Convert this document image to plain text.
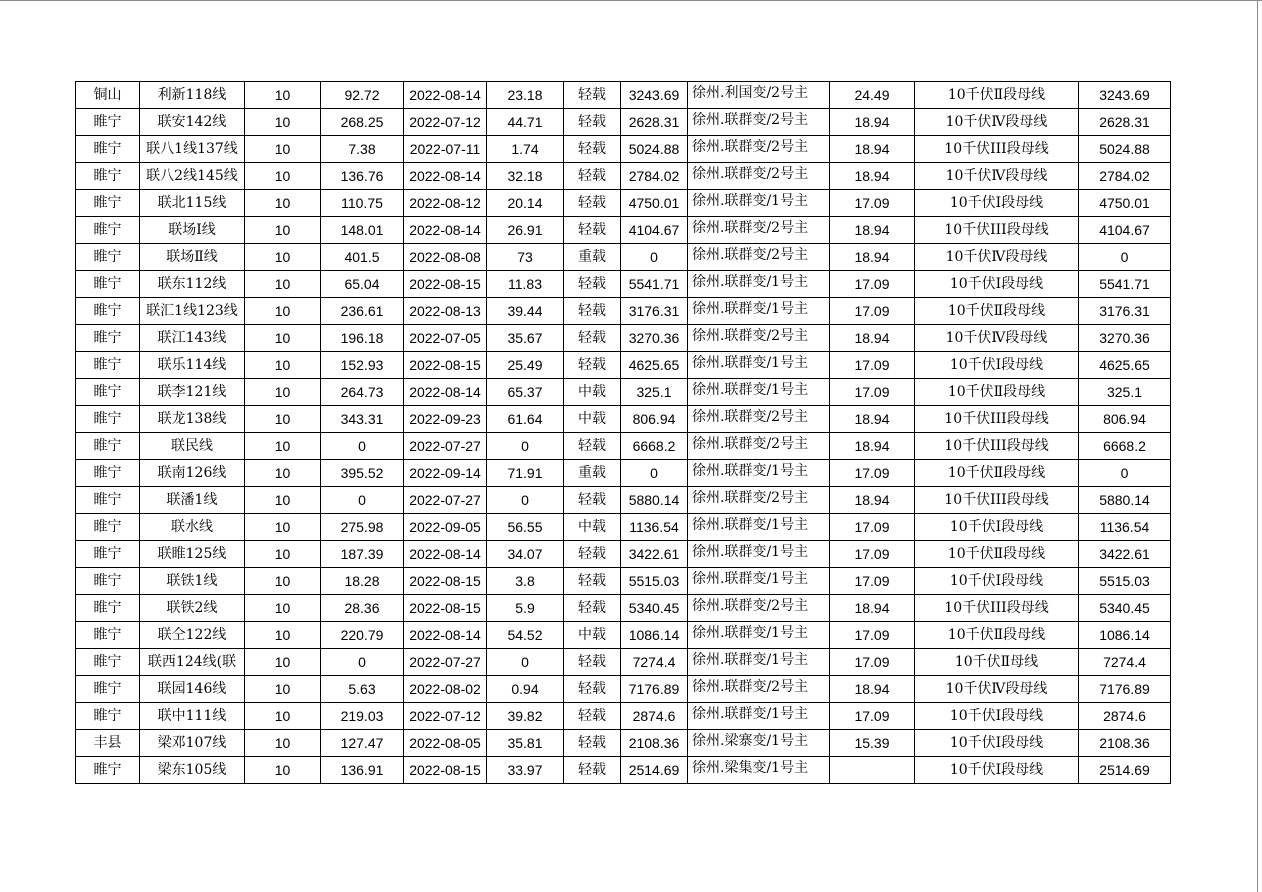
铜山	利新118线	10	92.72	2022-08-14	23.18	轻载	3243.69	徐州.利国变/2号主	24.49	10千伏Ⅱ段母线	3243.69
睢宁	联安142线	10	268.25	2022-07-12	44.71	轻载	2628.31	徐州.联群变/2号主	18.94	10千伏Ⅳ段母线	2628.31
睢宁	联八1线137线	10	7.38	2022-07-11	1.74	轻载	5024.88	徐州.联群变/2号主	18.94	10千伏III段母线	5024.88
睢宁	联八2线145线	10	136.76	2022-08-14	32.18	轻载	2784.02	徐州.联群变/2号主	18.94	10千伏Ⅳ段母线	2784.02
睢宁	联北115线	10	110.75	2022-08-12	20.14	轻载	4750.01	徐州.联群变/1号主	17.09	10千伏Ⅰ段母线	4750.01
睢宁	联场Ⅰ线	10	148.01	2022-08-14	26.91	轻载	4104.67	徐州.联群变/2号主	18.94	10千伏III段母线	4104.67
睢宁	联场Ⅱ线	10	401.5	2022-08-08	73	重载	0	徐州.联群变/2号主	18.94	10千伏Ⅳ段母线	0
睢宁	联东112线	10	65.04	2022-08-15	11.83	轻载	5541.71	徐州.联群变/1号主	17.09	10千伏Ⅰ段母线	5541.71
睢宁	联汇1线123线	10	236.61	2022-08-13	39.44	轻载	3176.31	徐州.联群变/1号主	17.09	10千伏Ⅱ段母线	3176.31
睢宁	联江143线	10	196.18	2022-07-05	35.67	轻载	3270.36	徐州.联群变/2号主	18.94	10千伏Ⅳ段母线	3270.36
睢宁	联乐114线	10	152.93	2022-08-15	25.49	轻载	4625.65	徐州.联群变/1号主	17.09	10千伏Ⅰ段母线	4625.65
睢宁	联李121线	10	264.73	2022-08-14	65.37	中载	325.1	徐州.联群变/1号主	17.09	10千伏Ⅱ段母线	325.1
睢宁	联龙138线	10	343.31	2022-09-23	61.64	中载	806.94	徐州.联群变/2号主	18.94	10千伏III段母线	806.94
睢宁	联民线	10	0	2022-07-27	0	轻载	6668.2	徐州.联群变/2号主	18.94	10千伏III段母线	6668.2
睢宁	联南126线	10	395.52	2022-09-14	71.91	重载	0	徐州.联群变/1号主	17.09	10千伏Ⅱ段母线	0
睢宁	联潘1线	10	0	2022-07-27	0	轻载	5880.14	徐州.联群变/2号主	18.94	10千伏III段母线	5880.14
睢宁	联水线	10	275.98	2022-09-05	56.55	中载	1136.54	徐州.联群变/1号主	17.09	10千伏Ⅰ段母线	1136.54
睢宁	联睢125线	10	187.39	2022-08-14	34.07	轻载	3422.61	徐州.联群变/1号主	17.09	10千伏Ⅱ段母线	3422.61
睢宁	联铁1线	10	18.28	2022-08-15	3.8	轻载	5515.03	徐州.联群变/1号主	17.09	10千伏Ⅰ段母线	5515.03
睢宁	联铁2线	10	28.36	2022-08-15	5.9	轻载	5340.45	徐州.联群变/2号主	18.94	10千伏III段母线	5340.45
睢宁	联仝122线	10	220.79	2022-08-14	54.52	中载	1086.14	徐州.联群变/1号主	17.09	10千伏Ⅱ段母线	1086.14
睢宁	联西124线(联	10	0	2022-07-27	0	轻载	7274.4	徐州.联群变/1号主	17.09	10千伏Ⅱ母线	7274.4
睢宁	联园146线	10	5.63	2022-08-02	0.94	轻载	7176.89	徐州.联群变/2号主	18.94	10千伏Ⅳ段母线	7176.89
睢宁	联中111线	10	219.03	2022-07-12	39.82	轻载	2874.6	徐州.联群变/1号主	17.09	10千伏Ⅰ段母线	2874.6
丰县	梁邓107线	10	127.47	2022-08-05	35.81	轻载	2108.36	徐州.梁寨变/1号主	15.39	10千伏Ⅰ段母线	2108.36
睢宁	梁东105线	10	136.91	2022-08-15	33.97	轻载	2514.69	徐州.梁集变/1号主		10千伏Ⅰ段母线	2514.69
